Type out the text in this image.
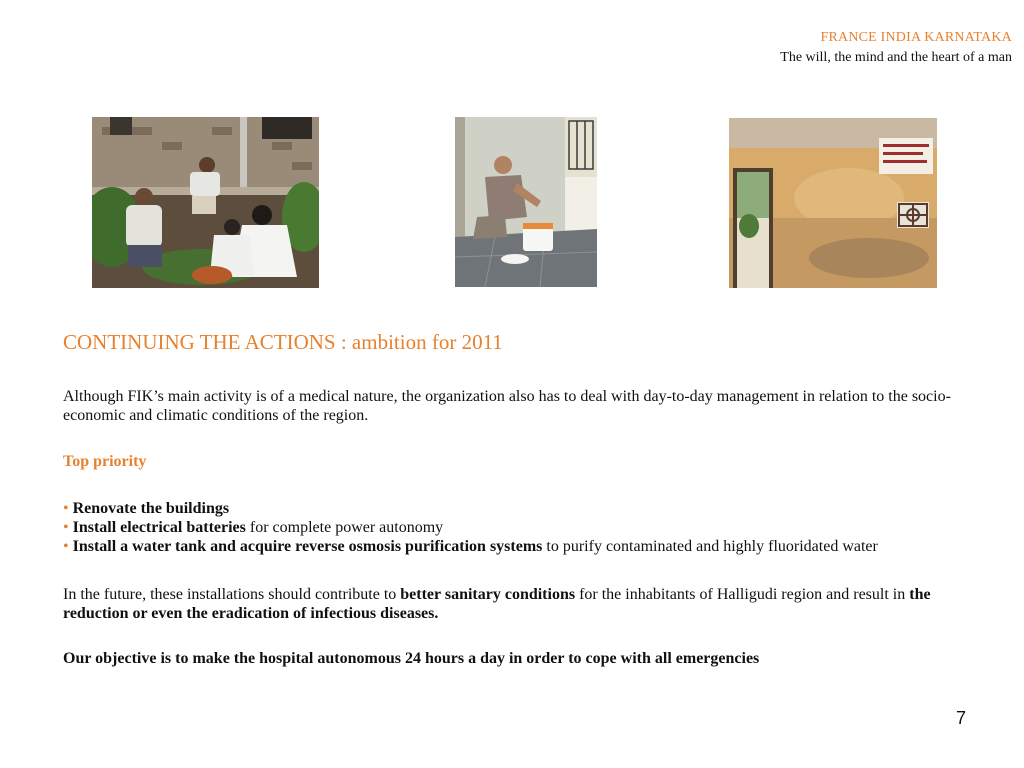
FRANCE INDIA KARNATAKA
The will, the mind and the heart of a man
CONTINUING THE ACTIONS : ambition for 2011

Although FIK’s main activity is of a medical nature, the organization also has to deal with day-to-day management in relation to the socio-economic and climatic conditions of the region.

Top priority
• Renovate the buildings
• Install electrical batteries for complete power autonomy
• Install a water tank and acquire reverse osmosis purification systems to purify contaminated and highly fluoridated water

In the future, these installations should contribute to better sanitary conditions for the inhabitants of Halligudi region and result in the reduction or even the eradication of infectious diseases.

Our objective is to make the hospital autonomous 24 hours a day in order to cope with all emergencies

7
